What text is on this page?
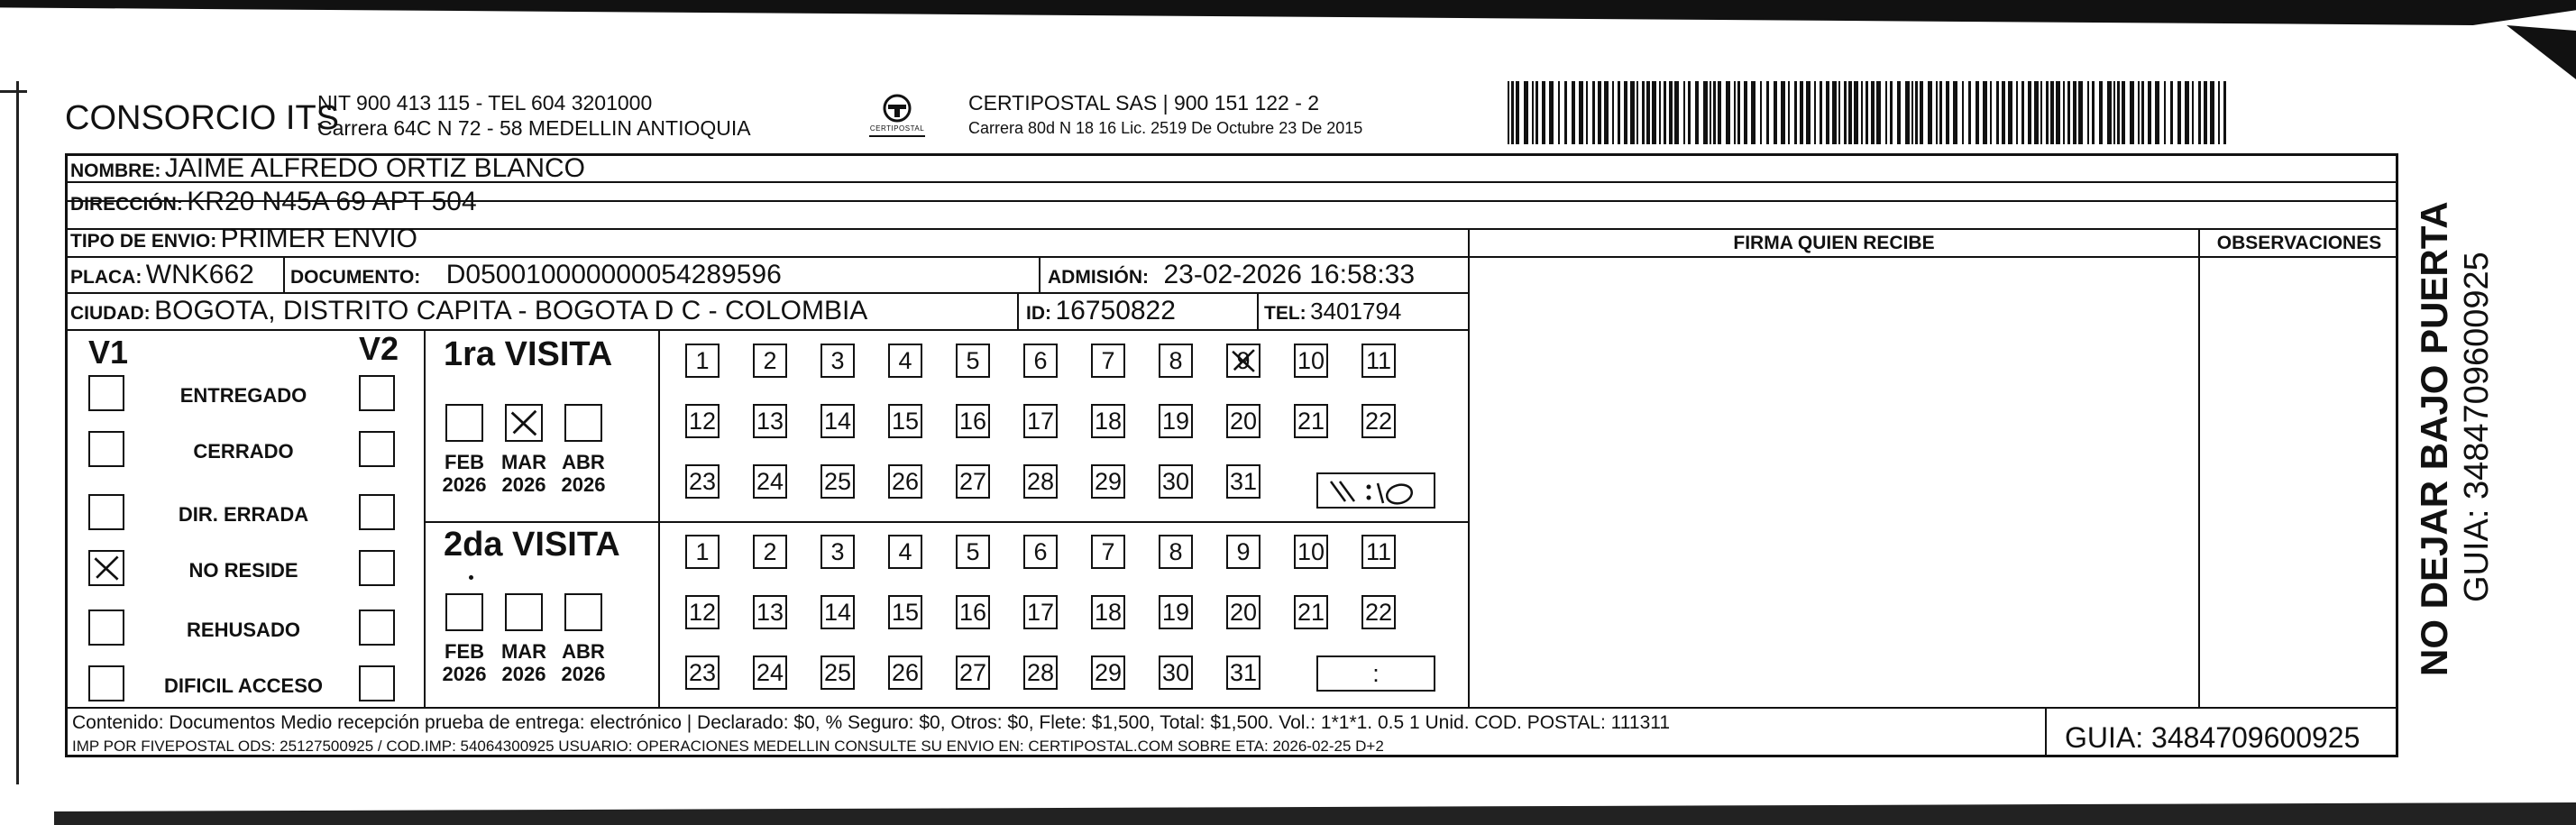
CONSORCIO ITS
NIT 900 413 115 - TEL 604 3201000
Carrera 64C N 72 - 58 MEDELLIN ANTIOQUIA	CERTIPOSTAL
CERTIPOSTAL SAS | 900 151 122 - 2
Carrera 80d N 18 16 Lic. 2519 De Octubre 23 De 2015
NOMBRE: JAIME ALFREDO ORTIZ BLANCO
DIRECCIÓN: KR20 N45A 69 APT 504
TIPO DE ENVIO: PRIMER ENVIO
PLACA: WNK662 DOCUMENTO: D050010000000054289596	ADMISIÓN: 23-02-2026 16:58:33
CIUDAD: BOGOTA, DISTRITO CAPITA - BOGOTA D C - COLOMBIA	ID: 16750822	TEL: 3401794
FIRMA QUIEN RECIBE	OBSERVACIONES
V1	V2
ENTREGADO
CERRADO
DIR. ERRADA
NO RESIDE
REHUSADO
DIFICIL ACCESO
1ra VISITA
2da VISITA
FEB
2026
MAR
2026
ABR
2026
FEB
2026
MAR
2026
ABR
2026
1	2	3	4	5	6	7	8	9	10 11
12 13 14 15 16 17 18 19 20 21 22
23 24 25 26 27 28 29 30 31
1	2	3	4	5	6	7	8	9	10 11
12 13 14 15 16 17 18 19 20 21 22
23 24 25 26 27 28 29 30 31	:
Contenido: Documentos Medio recepción prueba de entrega: electrónico | Declarado: $0, % Seguro: $0, Otros: $0, Flete: $1,500, Total: $1,500. Vol.: 1*1*1. 0.5 1 Unid. COD. POSTAL: 111311
IMP POR FIVEPOSTAL ODS: 25127500925 / COD.IMP: 54064300925 USUARIO: OPERACIONES MEDELLIN CONSULTE SU ENVIO EN: CERTIPOSTAL.COM SOBRE ETA: 2026-02-25 D+2	GUIA: 3484709600925
NO DEJAR BAJO PUERTA GUIA: 3484709600925
